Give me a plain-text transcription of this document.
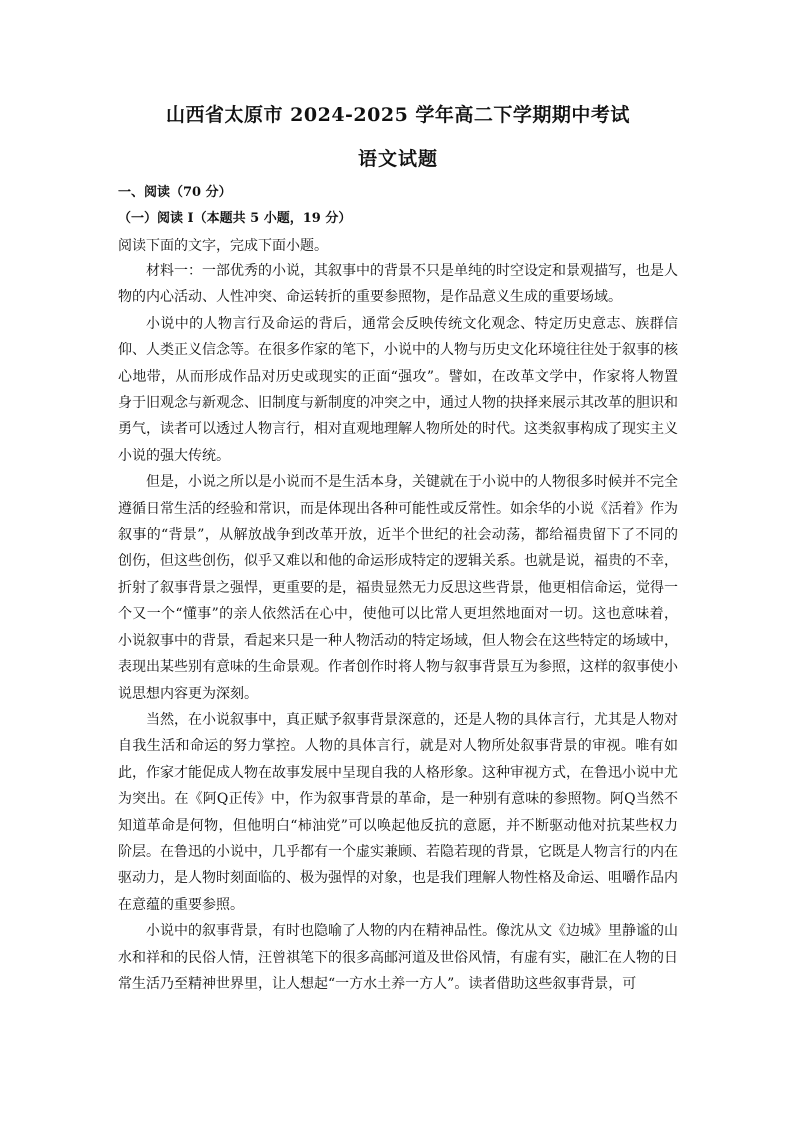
山西省太原市 2024-2025 学年高二下学期期中考试
语文试题
一、阅读（70 分）
（一）阅读 I（本题共 5 小题，19 分）
阅读下面的文字，完成下面小题。

材料一：一部优秀的小说，其叙事中的背景不只是单纯的时空设定和景观描写，也是人物的内心活动、人性冲突、命运转折的重要参照物，是作品意义生成的重要场域。

小说中的人物言行及命运的背后，通常会反映传统文化观念、特定历史意志、族群信仰、人类正义信念等。在很多作家的笔下，小说中的人物与历史文化环境往往处于叙事的核心地带，从而形成作品对历史或现实的正面“强攻”。譬如，在改革文学中，作家将人物置身于旧观念与新观念、旧制度与新制度的冲突之中，通过人物的抉择来展示其改革的胆识和勇气，读者可以透过人物言行，相对直观地理解人物所处的时代。这类叙事构成了现实主义小说的强大传统。

但是，小说之所以是小说而不是生活本身，关键就在于小说中的人物很多时候并不完全遵循日常生活的经验和常识，而是体现出各种可能性或反常性。如余华的小说《活着》作为叙事的“背景”，从解放战争到改革开放，近半个世纪的社会动荡，都给福贵留下了不同的创伤，但这些创伤，似乎又难以和他的命运形成特定的逻辑关系。也就是说，福贵的不幸，折射了叙事背景之强悍，更重要的是，福贵显然无力反思这些背景，他更相信命运，觉得一个又一个“懂事”的亲人依然活在心中，使他可以比常人更坦然地面对一切。这也意味着，小说叙事中的背景，看起来只是一种人物活动的特定场域，但人物会在这些特定的场域中，表现出某些别有意味的生命景观。作者创作时将人物与叙事背景互为参照，这样的叙事使小说思想内容更为深刻。

当然，在小说叙事中，真正赋予叙事背景深意的，还是人物的具体言行，尤其是人物对自我生活和命运的努力掌控。人物的具体言行，就是对人物所处叙事背景的审视。唯有如此，作家才能促成人物在故事发展中呈现自我的人格形象。这种审视方式，在鲁迅小说中尤为突出。在《阿Q正传》中，作为叙事背景的革命，是一种别有意味的参照物。阿Q当然不知道革命是何物，但他明白“柿油党”可以唤起他反抗的意愿，并不断驱动他对抗某些权力阶层。在鲁迅的小说中，几乎都有一个虚实兼顾、若隐若现的背景，它既是人物言行的内在驱动力，是人物时刻面临的、极为强悍的对象，也是我们理解人物性格及命运、咀嚼作品内在意蕴的重要参照。

小说中的叙事背景，有时也隐喻了人物的内在精神品性。像沈从文《边城》里静谧的山水和祥和的民俗人情，汪曾祺笔下的很多高邮河道及世俗风情，有虚有实，融汇在人物的日常生活乃至精神世界里，让人想起“一方水土养一方人”。读者借助这些叙事背景，可
